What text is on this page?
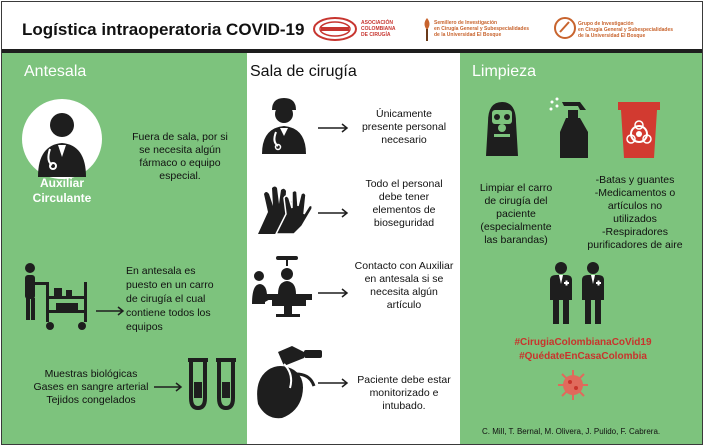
Logística intraoperatoria COVID-19	ASOCIACIÓN
COLOMBIANA
DE CIRUGÍA
Semillero de Investigación
en Cirugía General y Subespecialidades
de la Universidad El Bosque
Grupo de Investigación
en Cirugía General y Subespecialidades
de la Universidad El Bosque
Antesala
Auxiliar
Circulante
Fuera de sala, por si
se necesita algún
fármaco o equipo
especial.
En antesala es
puesto en un carro
de cirugía el cual
contiene todos los
equipos
Muestras biológicas
Gases en sangre arterial
Tejidos congelados
Sala de cirugía
Únicamente
presente personal
necesario
Todo el personal
debe tener
elementos de
bioseguridad
Contacto con Auxiliar
en antesala si se
necesita algún
artículo
Paciente debe estar
monitorizado e
intubado.
Limpieza
Limpiar el carro
de cirugía del
paciente
(especialmente
las barandas)
-Batas y guantes
-Medicamentos o
artículos no
utilizados
-Respiradores
purificadores de aire
#CirugiaColombianaCoVid19
#QuédateEnCasaColombia
C. Mill, T. Bernal, M. Olivera, J. Pulido, F. Cabrera.
